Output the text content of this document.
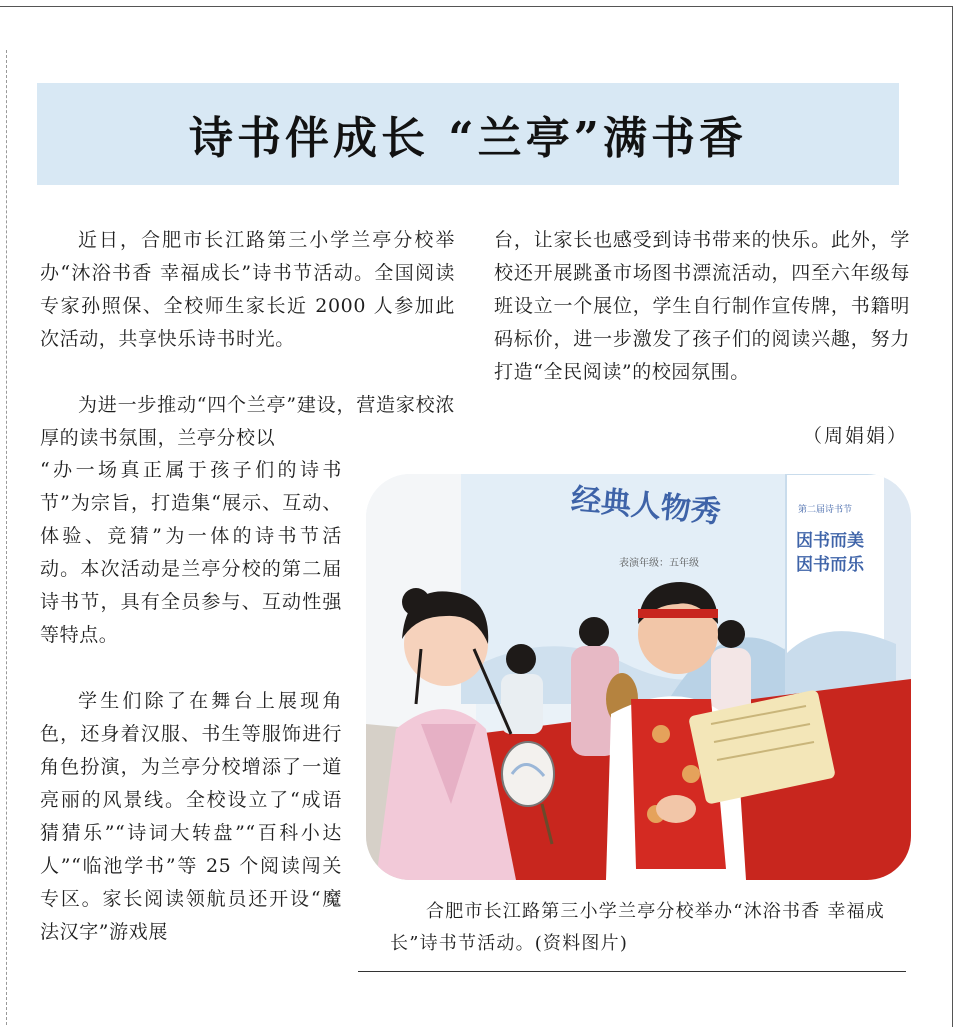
诗书伴成长 “兰亭”满书香

近日，合肥市长江路第三小学兰亭分校举办“沐浴书香 幸福成长”诗书节活动。全国阅读专家孙照保、全校师生家长近 2000 人参加此次活动，共享快乐诗书时光。

为进一步推动“四个兰亭”建设，营造家校浓厚的读书氛围，兰亭分校以

“办一场真正属于孩子们的诗书节”为宗旨，打造集“展示、互动、体验、竞猜”为一体的诗书节活动。本次活动是兰亭分校的第二届诗书节，具有全员参与、互动性强等特点。

学生们除了在舞台上展现角色，还身着汉服、书生等服饰进行角色扮演，为兰亭分校增添了一道亮丽的风景线。全校设立了“成语猜猜乐”“诗词大转盘”“百科小达人”“临池学书”等 25 个阅读闯关专区。家长阅读领航员还开设“魔法汉字”游戏展

台，让家长也感受到诗书带来的快乐。此外，学校还开展跳蚤市场图书漂流活动，四至六年级每班设立一个展位，学生自行制作宣传牌，书籍明码标价，进一步激发了孩子们的阅读兴趣，努力打造“全民阅读”的校园氛围。

（周娟娟）
经典人物秀
表演年级：五年级
第二届诗书节
因书而美
因书而乐

合肥市长江路第三小学兰亭分校举办“沐浴书香 幸福成长”诗书节活动。(资料图片)
